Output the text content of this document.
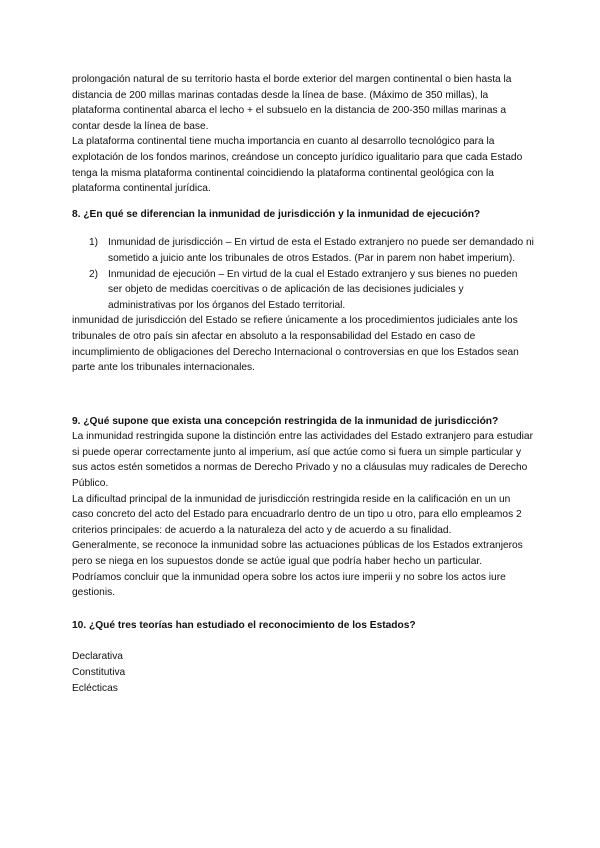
prolongación natural de su territorio hasta el borde exterior del margen continental o bien hasta la distancia de 200 millas marinas contadas desde la línea de base. (Máximo de 350 millas), la plataforma continental abarca el lecho + el subsuelo en la distancia de 200-350 millas marinas a contar desde la línea de base.

La plataforma continental tiene mucha importancia en cuanto al desarrollo tecnológico para la explotación de los fondos marinos, creándose un concepto jurídico igualitario para que cada Estado tenga la misma plataforma continental coincidiendo la plataforma continental geológica con la plataforma continental jurídica.

8. ¿En qué se diferencian la inmunidad de jurisdicción y la inmunidad de ejecución?

1) Inmunidad de jurisdicción – En virtud de esta el Estado extranjero no puede ser demandado ni sometido a juicio ante los tribunales de otros Estados. (Par in parem non habet imperium).
2) Inmunidad de ejecución – En virtud de la cual el Estado extranjero y sus bienes no pueden ser objeto de medidas coercitivas o de aplicación de las decisiones judiciales y administrativas por los órganos del Estado territorial.

inmunidad de jurisdicción del Estado se refiere únicamente a los procedimientos judiciales ante los tribunales de otro país sin afectar en absoluto a la responsabilidad del Estado en caso de incumplimiento de obligaciones del Derecho Internacional o controversias en que los Estados sean parte ante los tribunales internacionales.

9. ¿Qué supone que exista una concepción restringida de la inmunidad de jurisdicción?

La inmunidad restringida supone la distinción entre las actividades del Estado extranjero para estudiar si puede operar correctamente junto al imperium, así que actúe como si fuera un simple particular y sus actos estén sometidos a normas de Derecho Privado y no a cláusulas muy radicales de Derecho Público.

La dificultad principal de la inmunidad de jurisdicción restringida reside en la calificación en un un caso concreto del acto del Estado para encuadrarlo dentro de un tipo u otro, para ello empleamos 2 criterios principales: de acuerdo a la naturaleza del acto y de acuerdo a su finalidad.

Generalmente, se reconoce la inmunidad sobre las actuaciones públicas de los Estados extranjeros pero se niega en los supuestos donde se actúe igual que podría haber hecho un particular.

Podríamos concluir que la inmunidad opera sobre los actos iure imperii y no sobre los actos iure gestionis.

10. ¿Qué tres teorías han estudiado el reconocimiento de los Estados?

Declarativa

Constitutiva

Eclécticas
